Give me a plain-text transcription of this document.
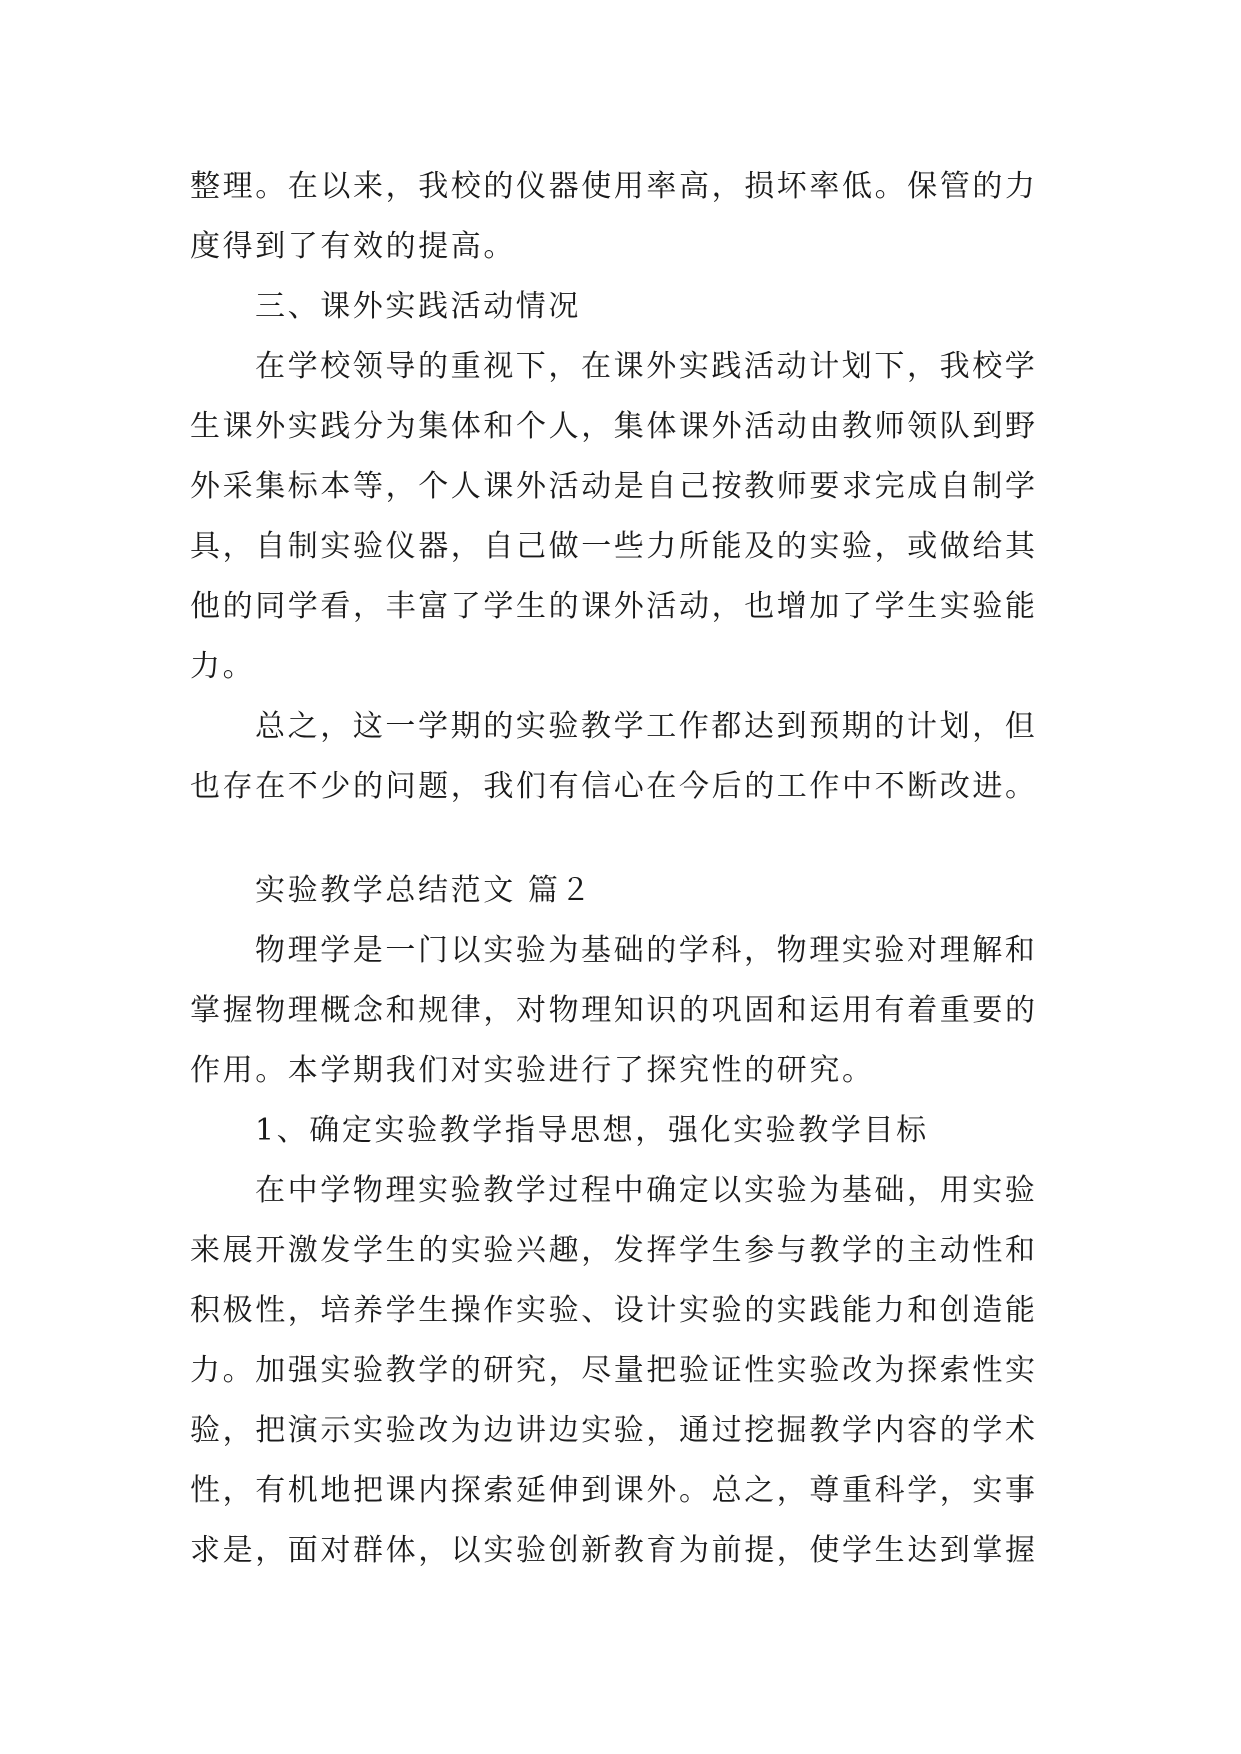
整理。在以来，我校的仪器使用率高，损坏率低。保管的力
度得到了有效的提高。
三、课外实践活动情况
在学校领导的重视下，在课外实践活动计划下，我校学
生课外实践分为集体和个人，集体课外活动由教师领队到野
外采集标本等，个人课外活动是自己按教师要求完成自制学
具，自制实验仪器，自己做一些力所能及的实验，或做给其
他的同学看，丰富了学生的课外活动，也增加了学生实验能
力。
总之，这一学期的实验教学工作都达到预期的计划，但
也存在不少的问题，我们有信心在今后的工作中不断改进。
实验教学总结范文 篇２
物理学是一门以实验为基础的学科，物理实验对理解和
掌握物理概念和规律，对物理知识的巩固和运用有着重要的
作用。本学期我们对实验进行了探究性的研究。
1、确定实验教学指导思想，强化实验教学目标
在中学物理实验教学过程中确定以实验为基础，用实验
来展开激发学生的实验兴趣，发挥学生参与教学的主动性和
积极性，培养学生操作实验、设计实验的实践能力和创造能
力。加强实验教学的研究，尽量把验证性实验改为探索性实
验，把演示实验改为边讲边实验，通过挖掘教学内容的学术
性，有机地把课内探索延伸到课外。总之，尊重科学，实事
求是，面对群体，以实验创新教育为前提，使学生达到掌握
